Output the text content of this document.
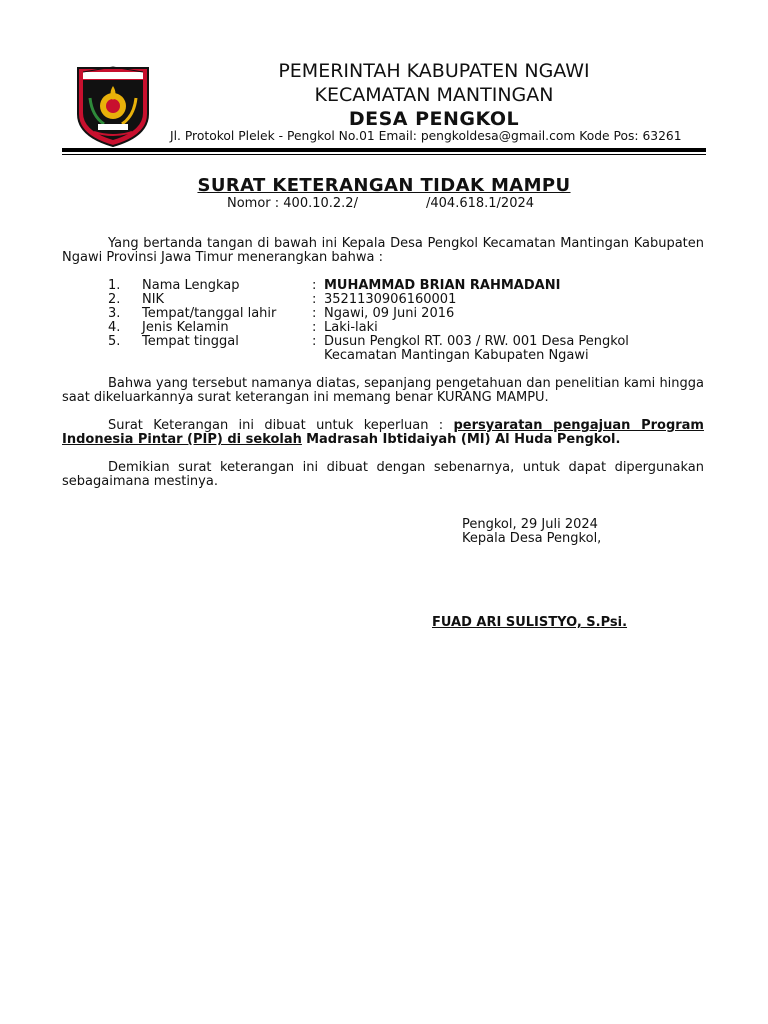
PEMERINTAH KABUPATEN NGAWI
KECAMATAN MANTINGAN
DESA PENGKOL
Jl. Protokol Plelek - Pengkol No.01 Email: pengkoldesa@gmail.com Kode Pos: 63261
SURAT KETERANGAN TIDAK MAMPU
Nomor : 400.10.2.2/	/404.618.1/2024
Yang bertanda tangan di bawah ini Kepala Desa Pengkol Kecamatan Mantingan Kabupaten Ngawi Provinsi Jawa Timur menerangkan bahwa :
1. Nama Lengkap	: MUHAMMAD BRIAN RAHMADANI
2. NIK	: 3521130906160001
3. Tempat/tanggal lahir	: Ngawi, 09 Juni 2016
4. Jenis Kelamin	: Laki-laki
5. Tempat tinggal	: Dusun Pengkol RT. 003 / RW. 001 Desa Pengkol
Kecamatan Mantingan Kabupaten Ngawi
Bahwa yang tersebut namanya diatas, sepanjang pengetahuan dan penelitian kami hingga saat dikeluarkannya surat keterangan ini memang benar KURANG MAMPU.
Surat Keterangan ini dibuat untuk keperluan : persyaratan pengajuan Program Indonesia Pintar (PIP) di sekolah Madrasah Ibtidaiyah (MI) Al Huda Pengkol.
Demikian surat keterangan ini dibuat dengan sebenarnya, untuk dapat dipergunakan sebagaimana mestinya.
Pengkol, 29 Juli 2024
Kepala Desa Pengkol,
FUAD ARI SULISTYO, S.Psi.
